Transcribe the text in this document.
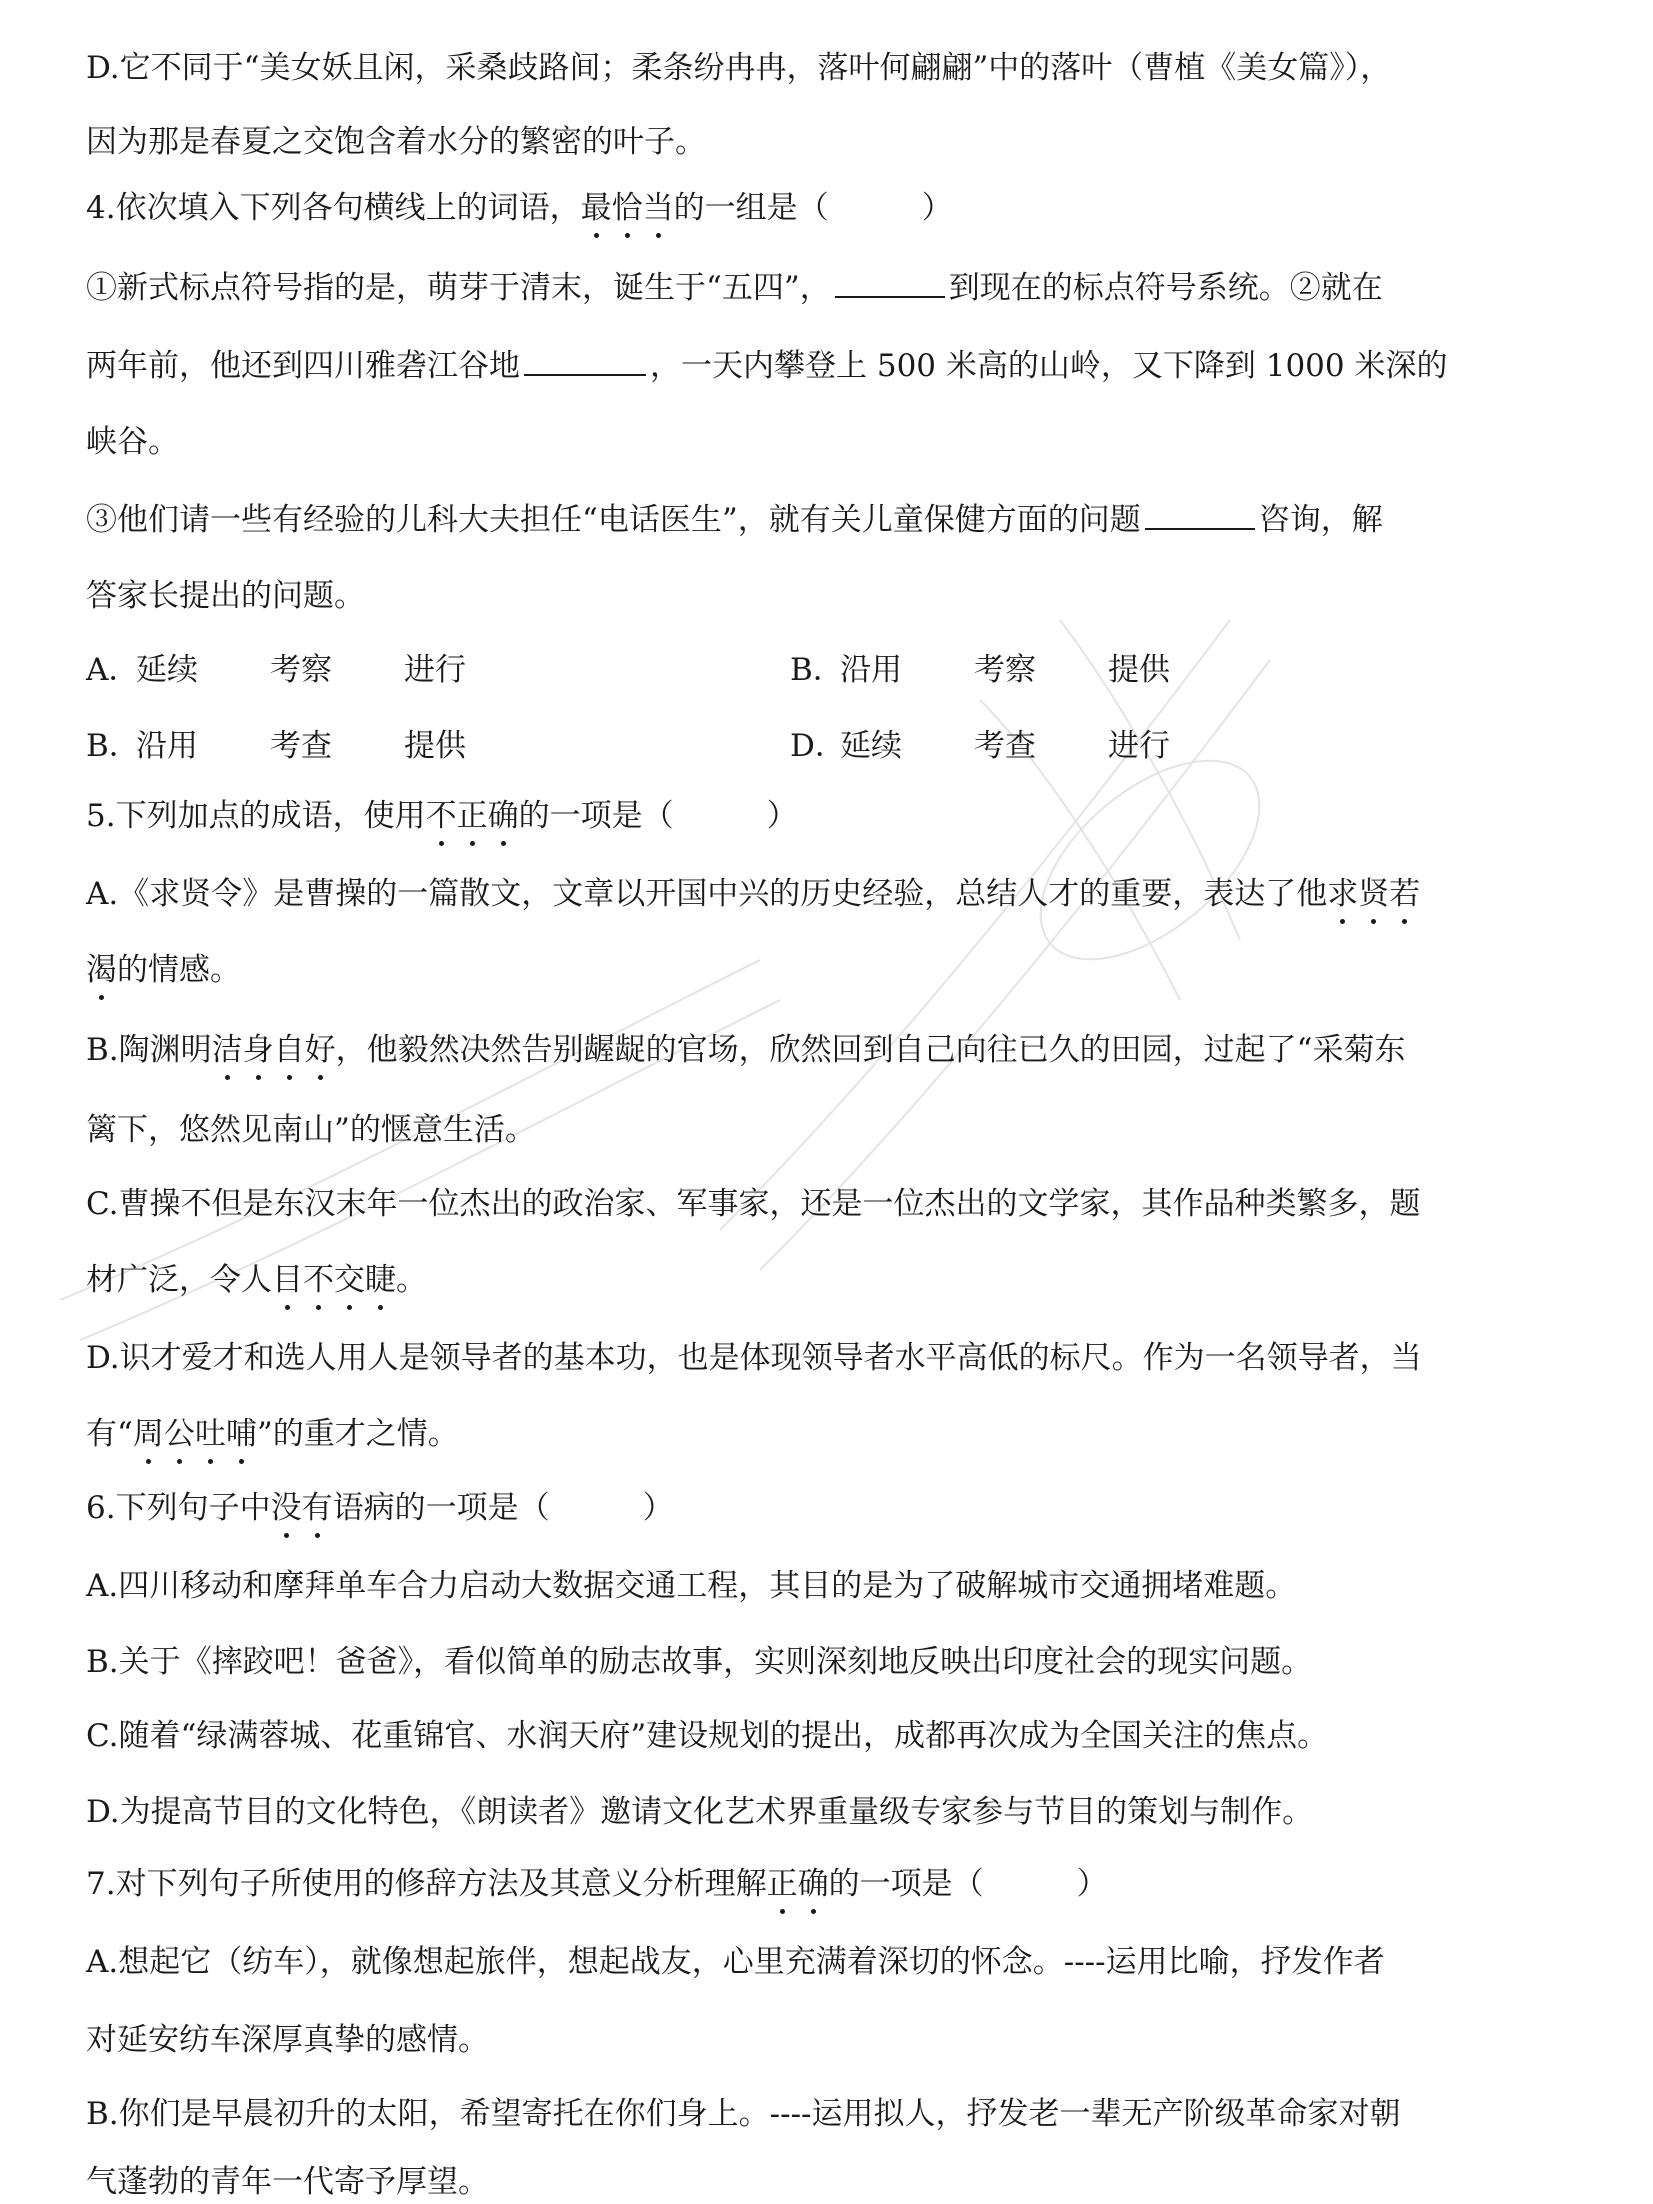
D.它不同于“美女妖且闲，采桑歧路间；柔条纷冉冉，落叶何翩翩”中的落叶（曹植《美女篇》），
因为那是春夏之交饱含着水分的繁密的叶子。
4.依次填入下列各句横线上的词语，最恰当的一组是（　　　）
①新式标点符号指的是，萌芽于清末，诞生于“五四”，	到现在的标点符号系统。②就在
两年前，他还到四川雅砻江谷地	，一天内攀登上 500 米高的山岭，又下降到 1000 米深的
峡谷。
③他们请一些有经验的儿科大夫担任“电话医生”，就有关儿童保健方面的问题	咨询，解
答家长提出的问题。
A．延续 考察 进行	B．沿用 考察 提供
B．沿用 考查 提供	D．延续 考查 进行
5.下列加点的成语，使用不正确的一项是（　　　）
A.《求贤令》是曹操的一篇散文，文章以开国中兴的历史经验，总结人才的重要，表达了他求贤若
渴的情感。
B.陶渊明洁身自好，他毅然决然告别龌龊的官场，欣然回到自己向往已久的田园，过起了“采菊东
篱下，悠然见南山”的惬意生活。
C.曹操不但是东汉末年一位杰出的政治家、军事家，还是一位杰出的文学家，其作品种类繁多，题
材广泛，令人目不交睫。
D.识才爱才和选人用人是领导者的基本功，也是体现领导者水平高低的标尺。作为一名领导者，当
有“周公吐哺”的重才之情。
6.下列句子中没有语病的一项是（　　　）
A.四川移动和摩拜单车合力启动大数据交通工程，其目的是为了破解城市交通拥堵难题。
B.关于《摔跤吧！爸爸》，看似简单的励志故事，实则深刻地反映出印度社会的现实问题。
C.随着“绿满蓉城、花重锦官、水润天府”建设规划的提出，成都再次成为全国关注的焦点。
D.为提高节目的文化特色，《朗读者》邀请文化艺术界重量级专家参与节目的策划与制作。
7.对下列句子所使用的修辞方法及其意义分析理解正确的一项是（　　　）
A.想起它（纺车），就像想起旅伴，想起战友，心里充满着深切的怀念。----运用比喻，抒发作者
对延安纺车深厚真挚的感情。
B.你们是早晨初升的太阳，希望寄托在你们身上。----运用拟人，抒发老一辈无产阶级革命家对朝
气蓬勃的青年一代寄予厚望。
